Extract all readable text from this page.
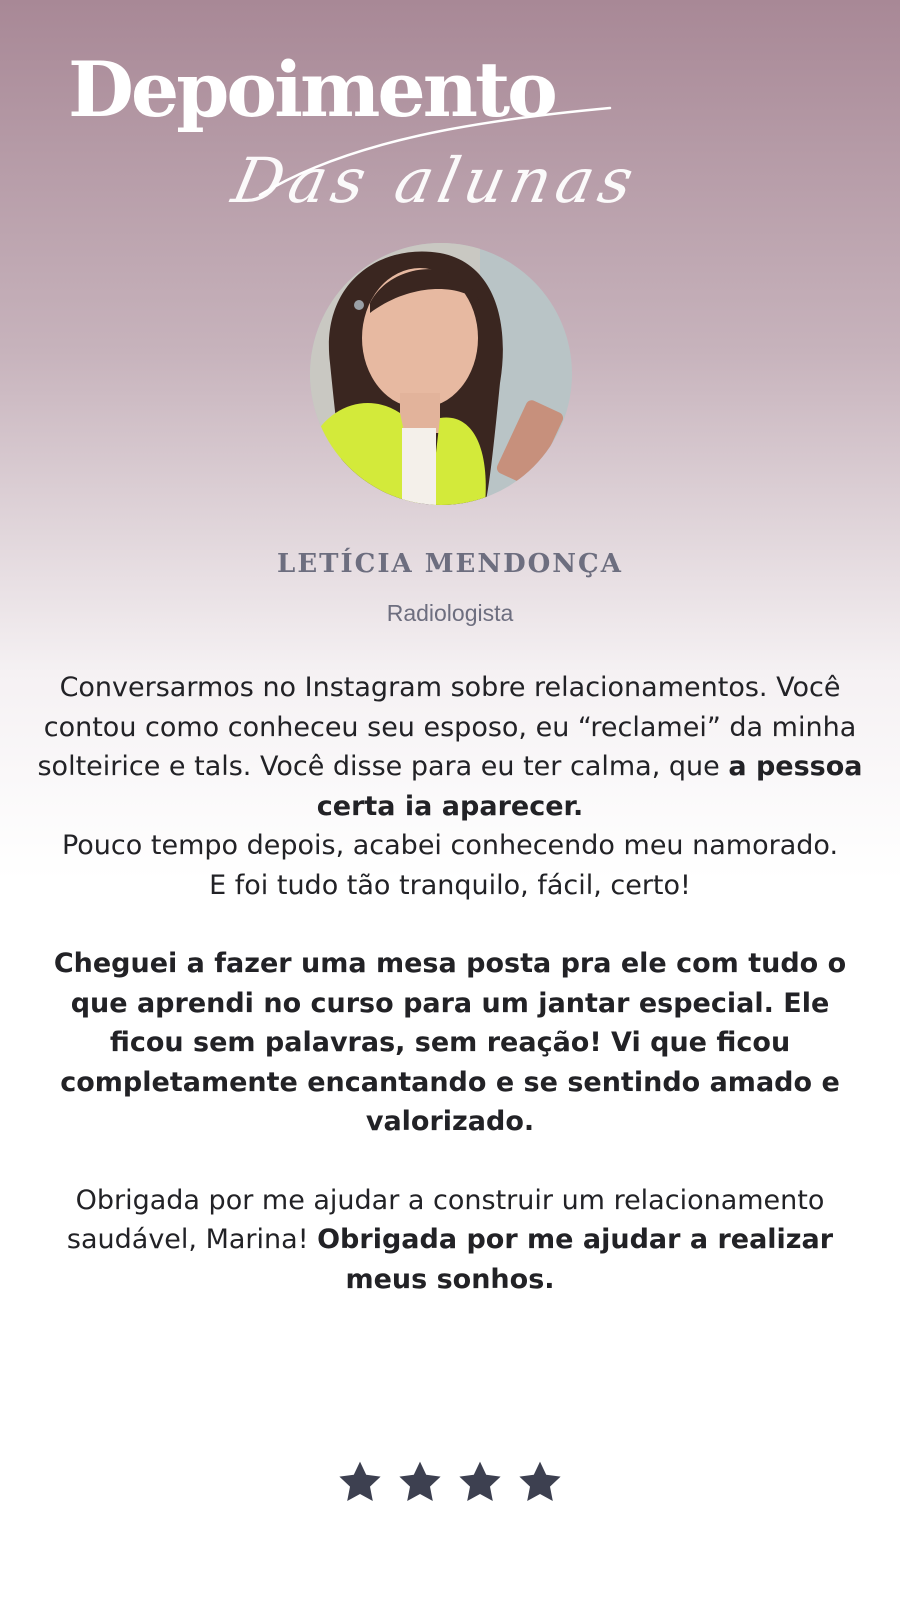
Depoimento
Das alunas

LETÍCIA MENDONÇA

Radiologista

Conversarmos no Instagram sobre relacionamentos. Você contou como conheceu seu esposo, eu “reclamei” da minha solteirice e tals. Você disse para eu ter calma, que a pessoa certa ia aparecer.

Pouco tempo depois, acabei conhecendo meu namorado.

E foi tudo tão tranquilo, fácil, certo!

Cheguei a fazer uma mesa posta pra ele com tudo o que aprendi no curso para um jantar especial. Ele ficou sem palavras, sem reação! Vi que ficou completamente encantando e se sentindo amado e valorizado.

Obrigada por me ajudar a construir um relacionamento saudável, Marina! Obrigada por me ajudar a realizar meus sonhos.
